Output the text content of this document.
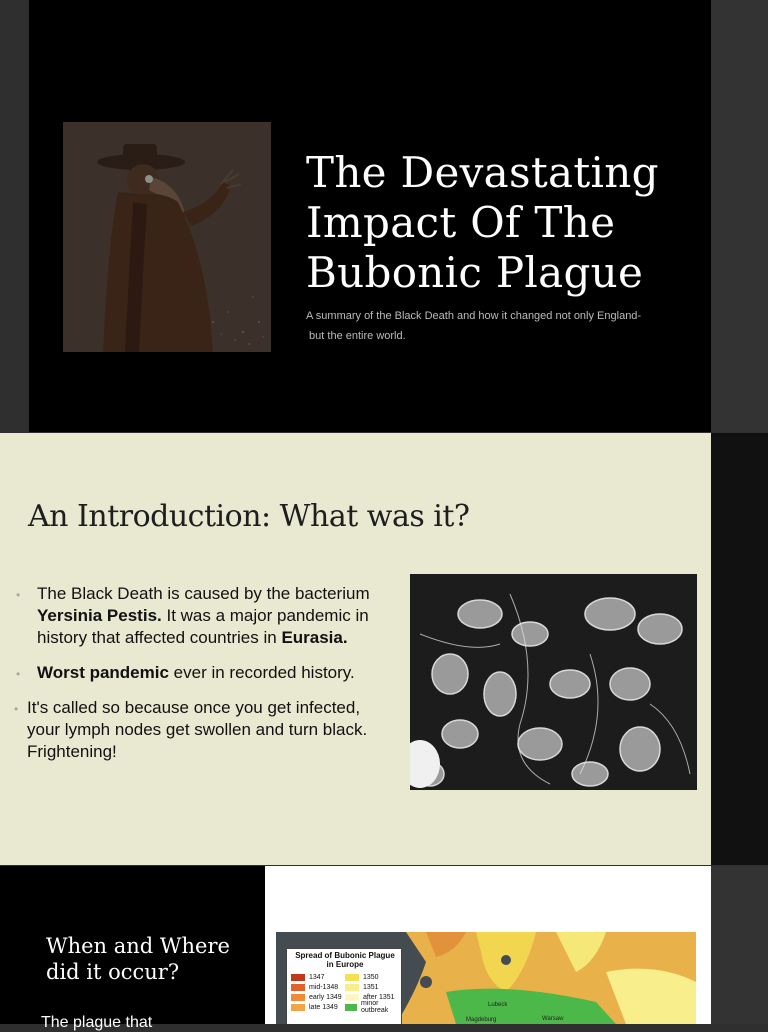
The Devastating Impact Of The Bubonic Plague
A summary of the Black Death and how it changed not only England-
but the entire world.
An Introduction: What was it?
• The Black Death is caused by the bacterium Yersinia Pestis. It was a major pandemic in history that affected countries in Eurasia.
• Worst pandemic ever in recorded history.
• It's called so because once you get infected, your lymph nodes get swollen and turn black. Frightening!
When and Where did it occur?
The plague that
Spread of Bubonic Plague
in Europe
1347
mid-1348
early 1349
late 1349
1350
1351
after 1351
minor outbreak
Lubeck
Magdeburg	Warsaw
